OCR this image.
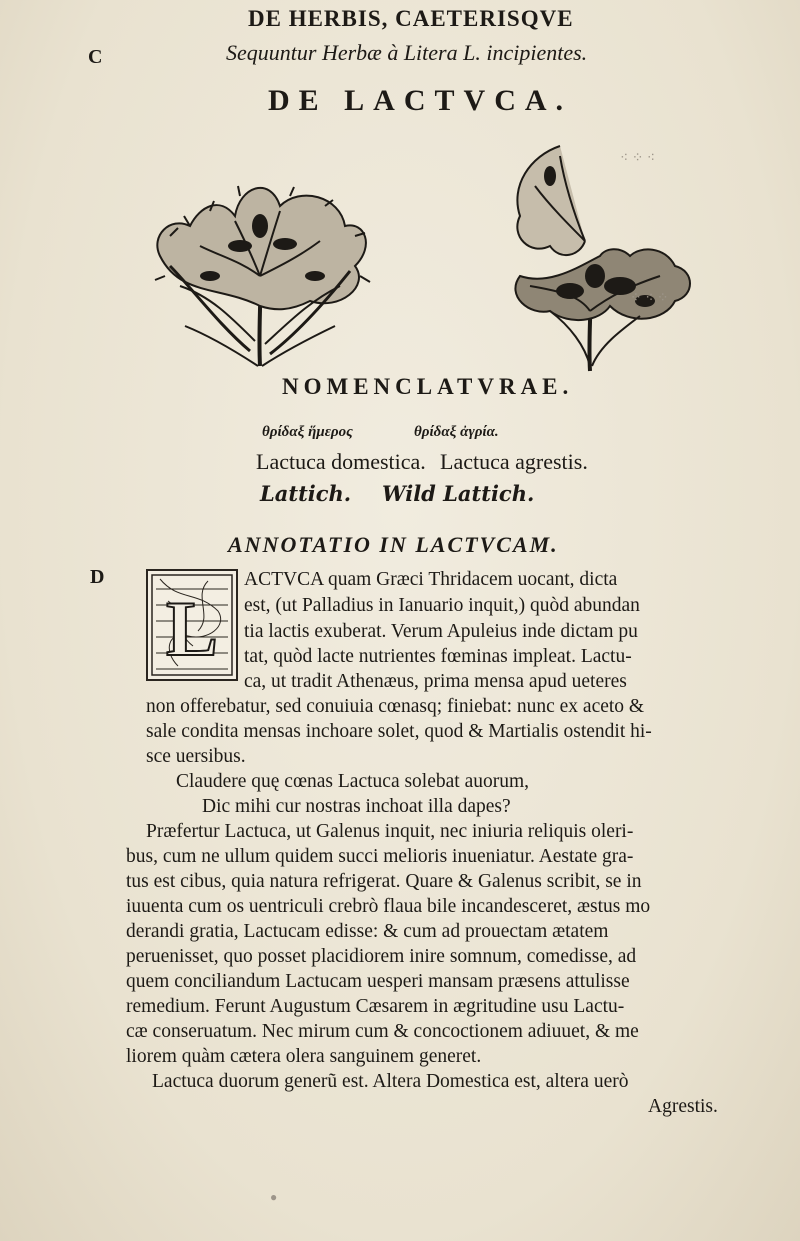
DE HERBIS, CAETERISQVE
C	Sequuntur Herbæ à Litera L. incipientes.
DE LACTVCA.
NOMENCLATVRAE.
θρίδαξ ἥμερος	θρίδαξ ἀγρία.
Lactuca domestica. Lactuca agrestis.
Lattich. Wild Lattich.
ANNOTATIO IN LACTVCAM.
D
L
ACTVCA quam Græci Thridacem uocant, dicta
est, (ut Palladius in Ianuario inquit,) quòd abundan
tia lactis exuberat. Verum Apuleius inde dictam pu
tat, quòd lacte nutrientes fœminas impleat. Lactu-
ca, ut tradit Athenæus, prima mensa apud ueteres
non offerebatur, sed conuiuia cœnasq; finiebat: nunc ex aceto &
sale condita mensas inchoare solet, quod & Martialis ostendit hi-
sce uersibus.
Claudere quę cœnas Lactuca solebat auorum,
Dic mihi cur nostras inchoat illa dapes?
Præfertur Lactuca, ut Galenus inquit, nec iniuria reliquis oleri-
bus, cum ne ullum quidem succi melioris inueniatur. Aestate gra-
tus est cibus, quia natura refrigerat. Quare & Galenus scribit, se in
iuuenta cum os uentriculi crebrò flaua bile incandesceret, æstus mo
derandi gratia, Lactucam edisse: & cum ad prouectam ætatem
peruenisset, quo posset placidiorem inire somnum, comedisse, ad
quem conciliandum Lactucam uesperi mansam præsens attulisse
remedium. Ferunt Augustum Cæsarem in ægritudine usu Lactu-
cæ conseruatum. Nec mirum cum & concoctionem adiuuet, & me
liorem quàm cætera olera sanguinem generet.
Lactuca duorum generũ est. Altera Domestica est, altera uerò
Agrestis.
⁖ ⁘ ⁖
⁘ ⁖ ⁘
●
